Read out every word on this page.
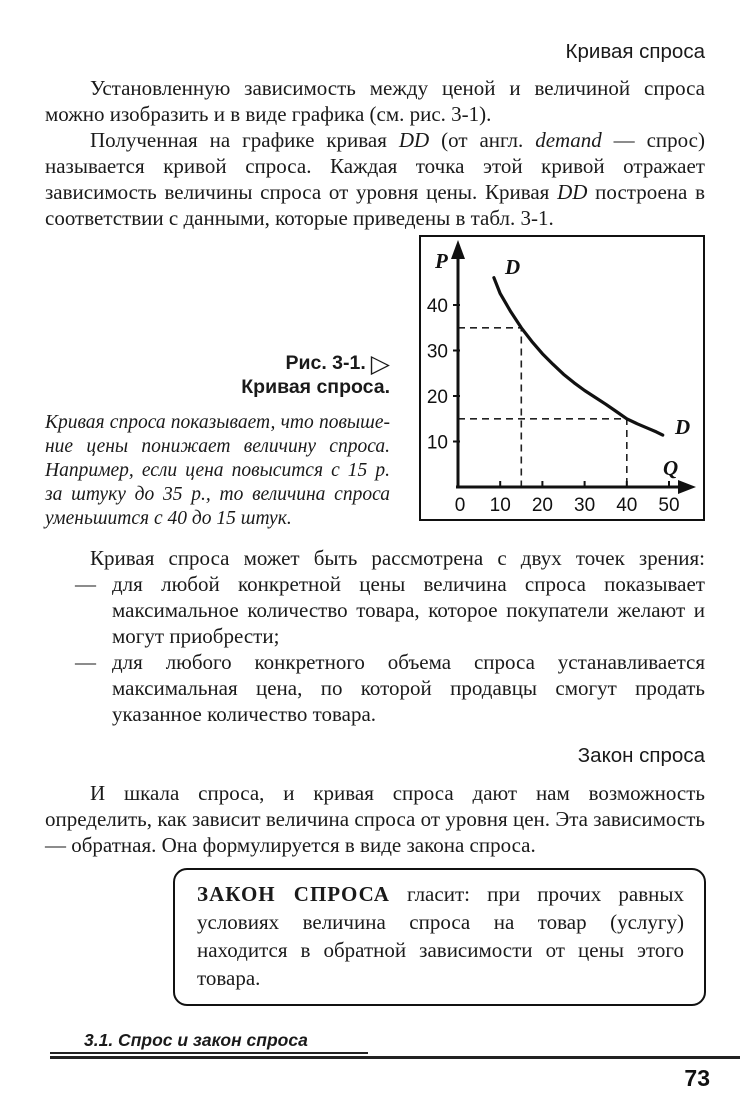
Кривая спроса

Установленную зависимость между ценой и величиной спроса можно изобразить и в виде графика (см. рис. 3-1).

Полученная на графике кривая DD (от англ. demand — спрос) называется кривой спроса. Каждая точка этой кривой отражает зависимость величины спроса от уровня цены. Кривая DD построена в соответствии с данными, которые приведены в табл. 3-1.

Рис. 3-1. ▷
Кривая спроса.

Кривая спроса показывает, что повышение цены понижает величину спроса. Например, если цена повысится с 15 р. за штуку до 35 р., то величина спроса уменьшится с 40 до 15 штук.

10
20
30
40
0 10 20 30 40 50
P
Q
D
D

Кривая спроса может быть рассмотрена с двух точек зрения:

— для любой конкретной цены величина спроса показывает максимальное количество товара, которое покупатели желают и могут приобрести;

— для любого конкретного объема спроса устанавливается максимальная цена, по которой продавцы смогут продать указанное количество товара.

Закон спроса

И шкала спроса, и кривая спроса дают нам возможность определить, как зависит величина спроса от уровня цен. Эта зависимость — обратная. Она формулируется в виде закона спроса.

ЗАКОН СПРОСА гласит: при прочих равных условиях величина спроса на товар (услугу) находится в обратной зависимости от цены этого товара.

3.1. Спрос и закон спроса
73
